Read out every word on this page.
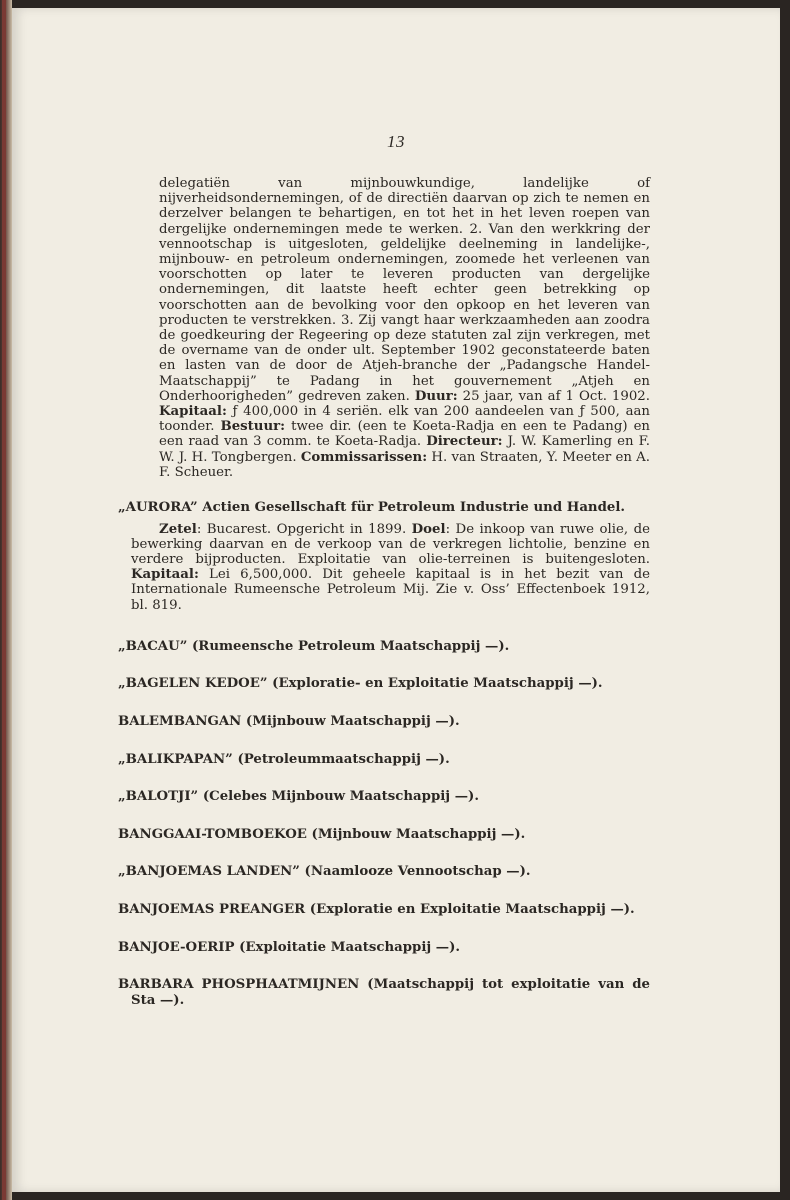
13
delegatiën van mijnbouwkundige, landelijke of nijverheidsondernemingen, of de directiën daarvan op zich te nemen en derzelver belangen te behartigen, en tot het in het leven roepen van dergelijke ondernemingen mede te werken. 2. Van den werkkring der vennootschap is uitgesloten, geldelijke deelneming in landelijke-, mijnbouw- en petroleum ondernemingen, zoomede het verleenen van voorschotten op later te leveren producten van dergelijke ondernemingen, dit laatste heeft echter geen betrekking op voorschotten aan de bevolking voor den opkoop en het leveren van producten te verstrekken. 3. Zij vangt haar werkzaamheden aan zoodra de goedkeuring der Regeering op deze statuten zal zijn verkregen, met de overname van de onder ult. September 1902 geconstateerde baten en lasten van de door de Atjeh-branche der „Padangsche Handel-Maatschappij” te Padang in het gouvernement „Atjeh en Onderhoorigheden” gedreven zaken. Duur: 25 jaar, van af 1 Oct. 1902. Kapitaal: ƒ 400,000 in 4 seriën. elk van 200 aandeelen van ƒ 500, aan toonder. Bestuur: twee dir. (een te Koeta-Radja en een te Padang) en een raad van 3 comm. te Koeta-Radja. Directeur: J. W. Kamerling en F. W. J. H. Tongbergen. Commissarissen: H. van Straaten, Y. Meeter en A. F. Scheuer.
„AURORA” Actien Gesellschaft für Petroleum Industrie und Handel.
Zetel: Bucarest. Opgericht in 1899. Doel: De inkoop van ruwe olie, de bewerking daarvan en de verkoop van de verkregen lichtolie, benzine en verdere bijproducten. Exploitatie van olie-terreinen is buitengesloten. Kapitaal: Lei 6,500,000. Dit geheele kapitaal is in het bezit van de Internationale Rumeensche Petroleum Mij. Zie v. Oss’ Effectenboek 1912, bl. 819.
„BACAU” (Rumeensche Petroleum Maatschappij —).
„BAGELEN KEDOE” (Exploratie- en Exploitatie Maatschappij —).
BALEMBANGAN (Mijnbouw Maatschappij —).
„BALIKPAPAN” (Petroleummaatschappij —).
„BALOTJI” (Celebes Mijnbouw Maatschappij —).
BANGGAAI-TOMBOEKOE (Mijnbouw Maatschappij —).
„BANJOEMAS LANDEN” (Naamlooze Vennootschap —).
BANJOEMAS PREANGER (Exploratie en Exploitatie Maatschappij —).
BANJOE-OERIP (Exploitatie Maatschappij —).
BARBARA PHOSPHAATMIJNEN (Maatschappij tot exploitatie van de Sta —).
